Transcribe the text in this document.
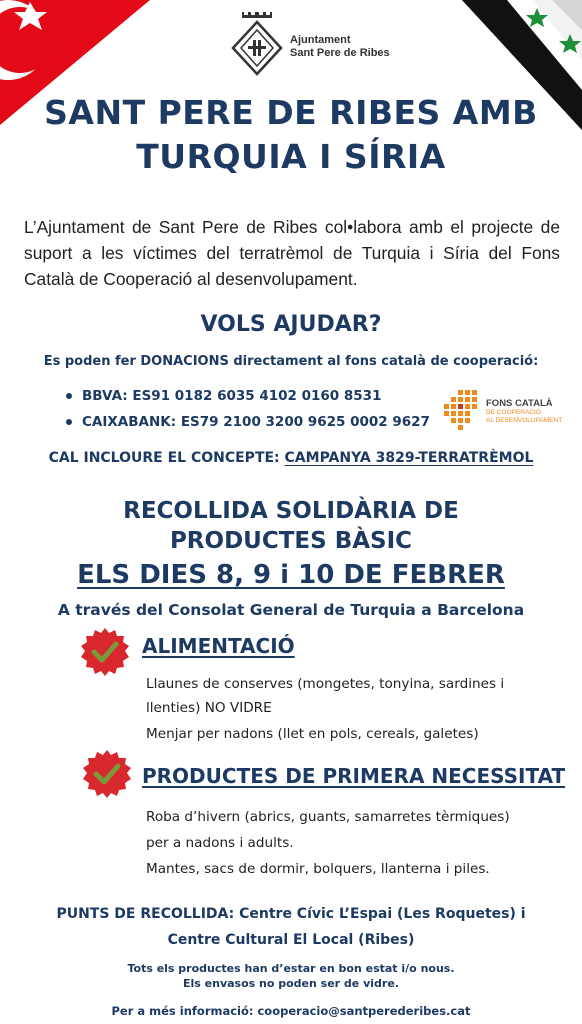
Ajuntament
Sant Pere de Ribes
SANT PERE DE RIBES AMB
TURQUIA I SÍRIA
L’Ajuntament de Sant Pere de Ribes col•labora amb el projecte de suport a les víctimes del terratrèmol de Turquia i Síria del Fons Català de Cooperació al desenvolupament.
VOLS AJUDAR?
Es poden fer DONACIONS directament al fons català de cooperació:
BBVA: ES91 0182 6035 4102 0160 8531
CAIXABANK: ES79 2100 3200 9625 0002 9627
FONS CATALÀ
DE COOPERACIÓ
AL DESENVOLUPAMENT
CAL INCLOURE EL CONCEPTE: CAMPANYA 3829-TERRATRÈMOL
RECOLLIDA SOLIDÀRIA DE
PRODUCTES BÀSIC
ELS DIES 8, 9 i 10 DE FEBRER
A través del Consolat General de Turquia a Barcelona
ALIMENTACIÓ
Llaunes de conserves (mongetes, tonyina, sardines i
llenties) NO VIDRE
Menjar per nadons (llet en pols, cereals, galetes)
PRODUCTES DE PRIMERA NECESSITAT
Roba d’hivern (abrics, guants, samarretes tèrmiques)
per a nadons i adults.
Mantes, sacs de dormir, bolquers, llanterna i piles.
PUNTS DE RECOLLIDA: Centre Cívic L’Espai (Les Roquetes) i
Centre Cultural El Local (Ribes)
Tots els productes han d’estar en bon estat i/o nous.
Els envasos no poden ser de vidre.
Per a més informació: cooperacio@santperederibes.cat
